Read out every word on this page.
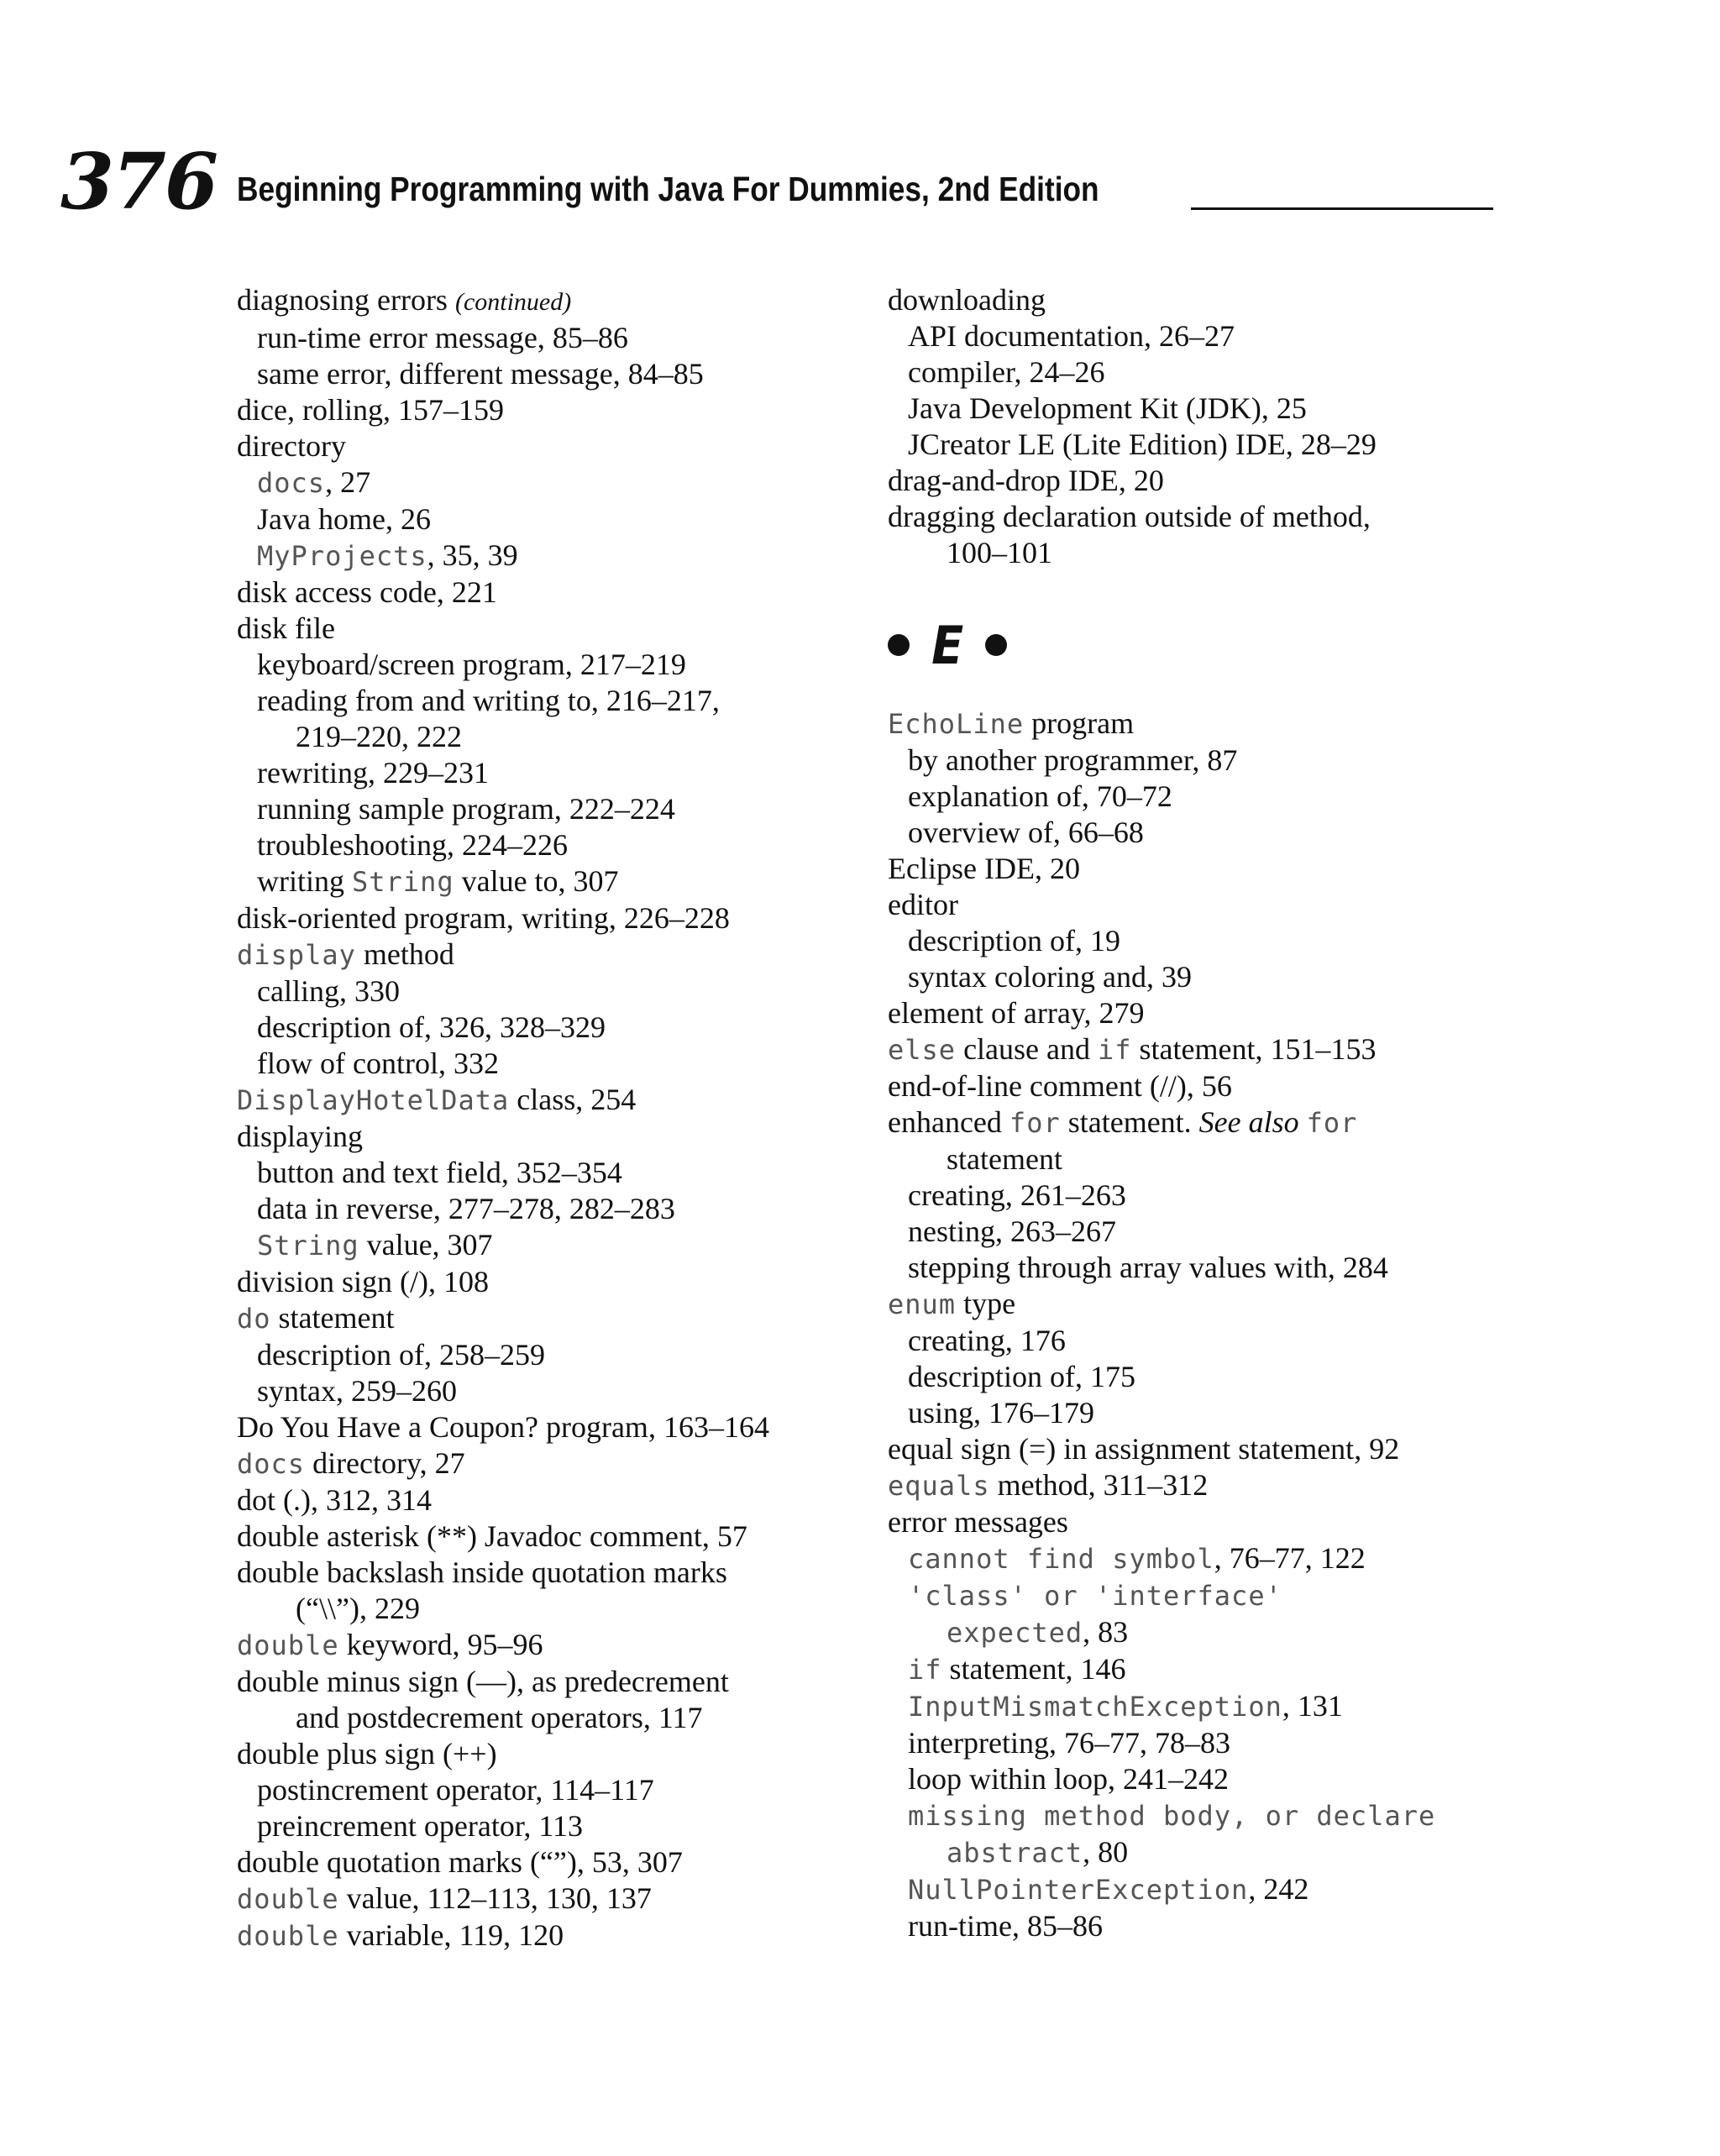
376 Beginning Programming with Java For Dummies, 2nd Edition
diagnosing errors (continued)
run-time error message, 85–86
same error, different message, 84–85
dice, rolling, 157–159
directory
docs, 27
Java home, 26
MyProjects, 35, 39
disk access code, 221
disk file
keyboard/screen program, 217–219
reading from and writing to, 216–217,
219–220, 222
rewriting, 229–231
running sample program, 222–224
troubleshooting, 224–226
writing String value to, 307
disk-oriented program, writing, 226–228
display method
calling, 330
description of, 326, 328–329
flow of control, 332
DisplayHotelData class, 254
displaying
button and text field, 352–354
data in reverse, 277–278, 282–283
String value, 307
division sign (/), 108
do statement
description of, 258–259
syntax, 259–260
Do You Have a Coupon? program, 163–164
docs directory, 27
dot (.), 312, 314
double asterisk (**) Javadoc comment, 57
double backslash inside quotation marks
(“\\”), 229
double keyword, 95–96
double minus sign (—), as predecrement
and postdecrement operators, 117
double plus sign (++)
postincrement operator, 114–117
preincrement operator, 113
double quotation marks (“”), 53, 307
double value, 112–113, 130, 137
double variable, 119, 120
downloading
API documentation, 26–27
compiler, 24–26
Java Development Kit (JDK), 25
JCreator LE (Lite Edition) IDE, 28–29
drag-and-drop IDE, 20
dragging declaration outside of method,
100–101
E
EchoLine program
by another programmer, 87
explanation of, 70–72
overview of, 66–68
Eclipse IDE, 20
editor
description of, 19
syntax coloring and, 39
element of array, 279
else clause and if statement, 151–153
end-of-line comment (//), 56
enhanced for statement. See also for
statement
creating, 261–263
nesting, 263–267
stepping through array values with, 284
enum type
creating, 176
description of, 175
using, 176–179
equal sign (=) in assignment statement, 92
equals method, 311–312
error messages
cannot find symbol, 76–77, 122
'class' or 'interface'
expected, 83
if statement, 146
InputMismatchException, 131
interpreting, 76–77, 78–83
loop within loop, 241–242
missing method body, or declare
abstract, 80
NullPointerException, 242
run-time, 85–86
